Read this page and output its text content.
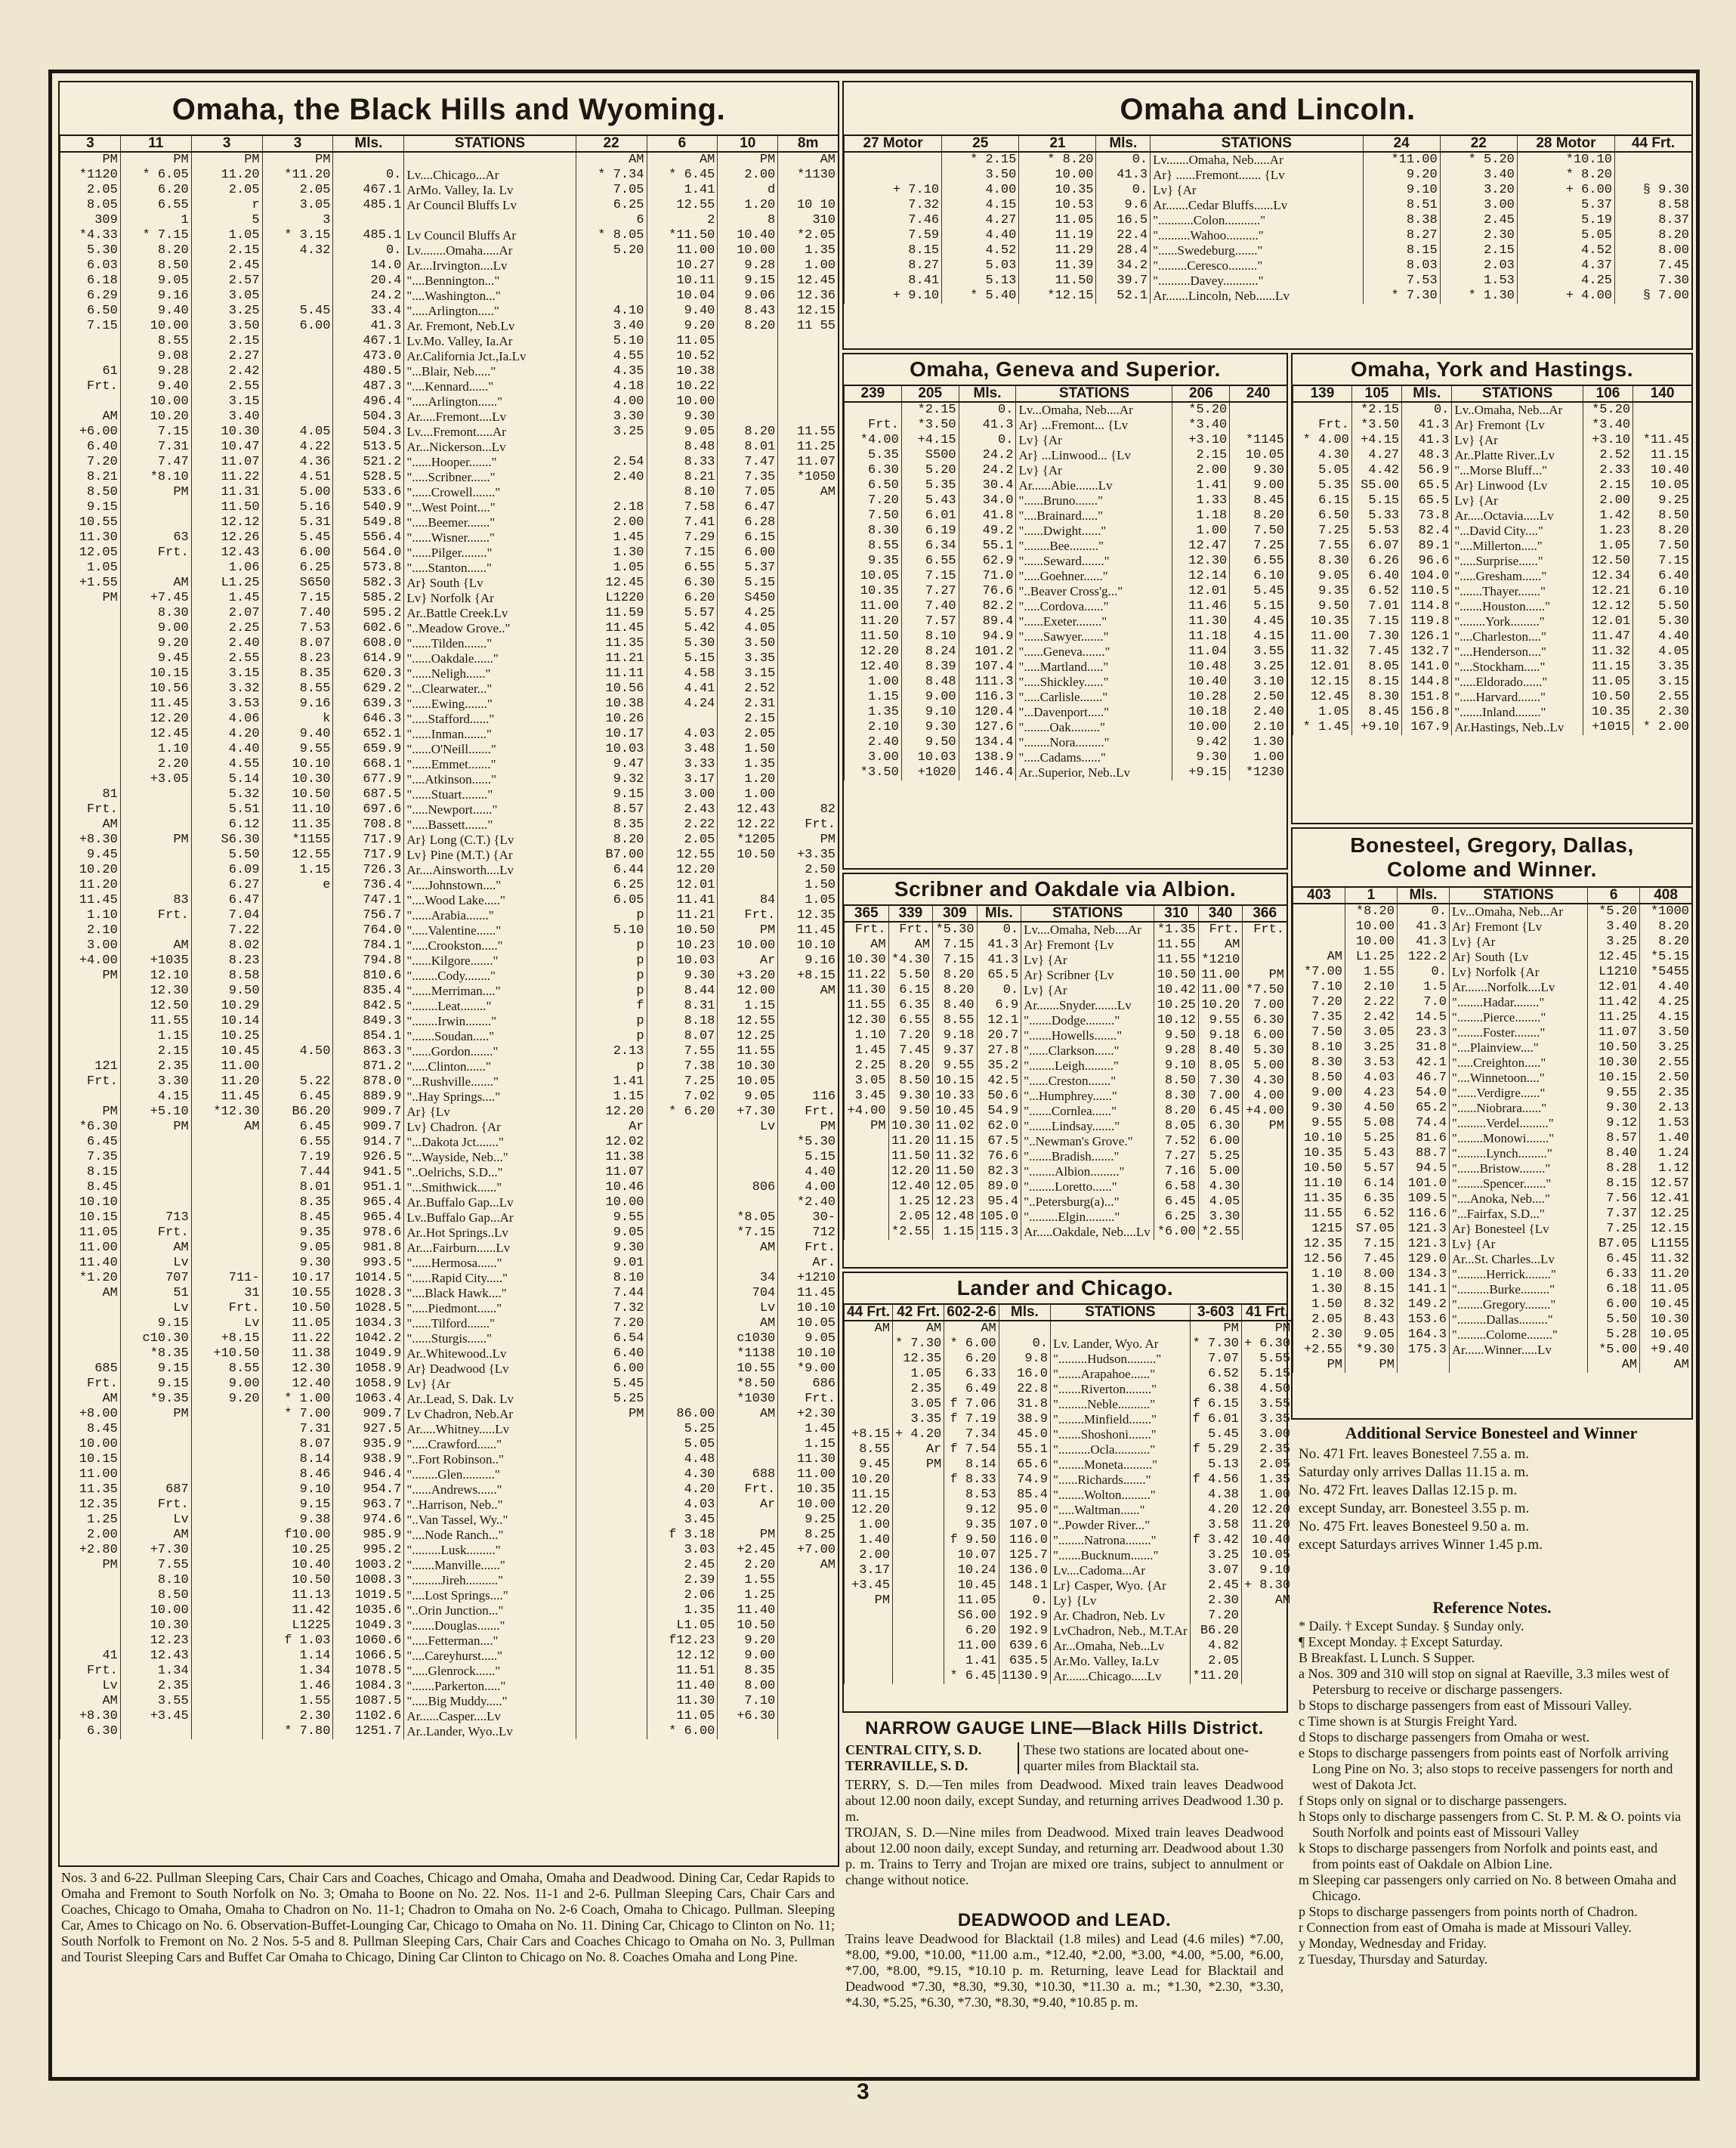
Omaha, the Black Hills and Wyoming.
3	11	3	3	Mls.	STATIONS	22	6	10	8m
PM	PM	PM	PM			AM	AM	PM	AM
*1120	* 6.05	11.20	*11.20	0.	Lv....Chicago...Ar	* 7.34	* 6.45	2.00	*1130
2.05	6.20	2.05	2.05	467.1	ArMo. Valley, Ia. Lv	7.05	1.41	d	
8.05	6.55	r	3.05	485.1	Ar Council Bluffs Lv	6.25	12.55	1.20	10 10
309	1	5	3			6	2	8	310
*4.33	* 7.15	1.05	* 3.15	485.1	Lv Council Bluffs Ar	* 8.05	*11.50	10.40	*2.05
5.30	8.20	2.15	4.32	0.	Lv........Omaha.....Ar	5.20	11.00	10.00	1.35
6.03	8.50	2.45		14.0	Ar....Irvington....Lv		10.27	9.28	1.00
6.18	9.05	2.57		20.4	"....Bennington..."		10.11	9.15	12.45
6.29	9.16	3.05		24.2	"....Washington..."		10.04	9.06	12.36
6.50	9.40	3.25	5.45	33.4	".....Arlington....."	4.10	9.40	8.43	12.15
7.15	10.00	3.50	6.00	41.3	Ar. Fremont, Neb.Lv	3.40	9.20	8.20	11 55
	8.55	2.15		467.1	Lv.Mo. Valley, Ia.Ar	5.10	11.05		
	9.08	2.27		473.0	Ar.California Jct.,Ia.Lv	4.55	10.52		
61	9.28	2.42		480.5	"...Blair, Neb....."	4.35	10.38		
Frt.	9.40	2.55		487.3	"....Kennard......"	4.18	10.22		
	10.00	3.15		496.4	".....Arlington......"	4.00	10.00		
AM	10.20	3.40		504.3	Ar.....Fremont....Lv	3.30	9.30		
+6.00	7.15	10.30	4.05	504.3	Lv....Fremont.....Ar	3.25	9.05	8.20	11.55
6.40	7.31	10.47	4.22	513.5	Ar...Nickerson...Lv		8.48	8.01	11.25
7.20	7.47	11.07	4.36	521.2	"......Hooper......."	2.54	8.33	7.47	11.07
8.21	*8.10	11.22	4.51	528.5	".....Scribner......"	2.40	8.21	7.35	*1050
8.50	PM	11.31	5.00	533.6	"......Crowell......."		8.10	7.05	AM
9.15		11.50	5.16	540.9	"...West Point...."	2.18	7.58	6.47	
10.55		12.12	5.31	549.8	".....Beemer......."	2.00	7.41	6.28	
11.30	63	12.26	5.45	556.4	"......Wisner......."	1.45	7.29	6.15	
12.05	Frt.	12.43	6.00	564.0	"......Pilger........"	1.30	7.15	6.00	
1.05		1.06	6.25	573.8	".....Stanton......"	1.05	6.55	5.37	
+1.55	AM	L1.25	S650	582.3	Ar} South {Lv	12.45	6.30	5.15	
PM	+7.45	1.45	7.15	585.2	Lv} Norfolk {Ar	L1220	6.20	S450	
	8.30	2.07	7.40	595.2	Ar..Battle Creek.Lv	11.59	5.57	4.25	
	9.00	2.25	7.53	602.6	"..Meadow Grove.."	11.45	5.42	4.05	
	9.20	2.40	8.07	608.0	"......Tilden......."	11.35	5.30	3.50	
	9.45	2.55	8.23	614.9	"......Oakdale......"	11.21	5.15	3.35	
	10.15	3.15	8.35	620.3	"......Neligh......"	11.11	4.58	3.15	
	10.56	3.32	8.55	629.2	"...Clearwater..."	10.56	4.41	2.52	
	11.45	3.53	9.16	639.3	"......Ewing......."	10.38	4.24	2.31	
	12.20	4.06	k	646.3	".....Stafford......"	10.26		2.15	
	12.45	4.20	9.40	652.1	"......Inman......."	10.17	4.03	2.05	
	1.10	4.40	9.55	659.9	"......O'Neill......."	10.03	3.48	1.50	
	2.20	4.55	10.10	668.1	"......Emmet......."	9.47	3.33	1.35	
	+3.05	5.14	10.30	677.9	"....Atkinson......"	9.32	3.17	1.20	
81		5.32	10.50	687.5	"......Stuart........"	9.15	3.00	1.00	
Frt.		5.51	11.10	697.6	".....Newport......"	8.57	2.43	12.43	82
AM		6.12	11.35	708.8	".....Bassett......."	8.35	2.22	12.22	Frt.
+8.30	PM	S6.30	*1155	717.9	Ar} Long (C.T.) {Lv	8.20	2.05	*1205	PM
9.45		5.50	12.55	717.9	Lv} Pine (M.T.) {Ar	B7.00	12.55	10.50	+3.35
10.20		6.09	1.15	726.3	Ar....Ainsworth....Lv	6.44	12.20		2.50
11.20		6.27	e	736.4	".....Johnstown...."	6.25	12.01		1.50
11.45	83	6.47		747.1	"....Wood Lake....."	6.05	11.41	84	1.05
1.10	Frt.	7.04		756.7	"......Arabia......."	p	11.21	Frt.	12.35
2.10		7.22		764.0	".....Valentine......"	5.10	10.50	PM	11.45
3.00	AM	8.02		784.1	".....Crookston....."	p	10.23	10.00	10.10
+4.00	+1035	8.23		794.8	"......Kilgore......."	p	10.03	Ar	9.16
PM	12.10	8.58		810.6	"........Cody........"	p	9.30	+3.20	+8.15
	12.30	9.50		835.4	"......Merriman...."	p	8.44	12.00	AM
	12.50	10.29		842.5	"........Leat........"	f	8.31	1.15	
	11.55	10.14		849.3	"........Irwin........"	p	8.18	12.55	
	1.15	10.25		854.1	".......Soudan....."	p	8.07	12.25	
	2.15	10.45	4.50	863.3	"......Gordon......."	2.13	7.55	11.55	
121	2.35	11.00		871.2	".....Clinton......"	p	7.38	10.30	
Frt.	3.30	11.20	5.22	878.0	"...Rushville......."	1.41	7.25	10.05	
	4.15	11.45	6.45	889.9	"..Hay Springs...."	1.15	7.02	9.05	116
PM	+5.10	*12.30	B6.20	909.7	Ar} {Lv	12.20	* 6.20	+7.30	Frt.
*6.30	PM	AM	6.45	909.7	Lv} Chadron. {Ar	Ar		Lv	PM
6.45			6.55	914.7	"...Dakota Jct......."	12.02			*5.30
7.35			7.19	926.5	"...Wayside, Neb..."	11.38			5.15
8.15			7.44	941.5	"..Oelrichs, S.D..."	11.07			4.40
8.45			8.01	951.1	"...Smithwick......"	10.46		806	4.00
10.10			8.35	965.4	Ar..Buffalo Gap...Lv	10.00			*2.40
10.15	713		8.45	965.4	Lv..Buffalo Gap...Ar	9.55		*8.05	30-
11.05	Frt.		9.35	978.6	Ar..Hot Springs..Lv	9.05		*7.15	712
11.00	AM		9.05	981.8	Ar....Fairburn......Lv	9.30		AM	Frt.
11.40	Lv		9.30	993.5	"......Hermosa......"	9.01			Ar.
*1.20	707	711-	10.17	1014.5	"......Rapid City....."	8.10		34	+1210
AM	51	31	10.55	1028.3	"....Black Hawk...."	7.44		704	11.45
	Lv	Frt.	10.50	1028.5	".....Piedmont......"	7.32		Lv	10.10
	9.15	Lv	11.05	1034.3	"......Tilford......."	7.20		AM	10.05
	c10.30	+8.15	11.22	1042.2	"......Sturgis......"	6.54		c1030	9.05
	*8.35	+10.50	11.38	1049.9	Ar..Whitewood..Lv	6.40		*1138	10.10
685	9.15	8.55	12.30	1058.9	Ar} Deadwood {Lv	6.00		10.55	*9.00
Frt.	9.15	9.00	12.40	1058.9	Lv} {Ar	5.45		*8.50	686
AM	*9.35	9.20	* 1.00	1063.4	Ar..Lead, S. Dak. Lv	5.25		*1030	Frt.
+8.00	PM		* 7.00	909.7	Lv Chadron, Neb.Ar	PM	86.00	AM	+2.30
8.45			7.31	927.5	Ar.....Whitney.....Lv		5.25		1.45
10.00			8.07	935.9	".....Crawford......"		5.05		1.15
10.15			8.14	938.9	"..Fort Robinson.."		4.48		11.30
11.00			8.46	946.4	"........Glen.........."		4.30	688	11.00
11.35	687		9.10	954.7	"......Andrews......"		4.20	Frt.	10.35
12.35	Frt.		9.15	963.7	"..Harrison, Neb.."		4.03	Ar	10.00
1.25	Lv		9.38	974.6	"..Van Tassel, Wy.."		3.45		9.25
2.00	AM		f10.00	985.9	"....Node Ranch..."		f 3.18	PM	8.25
+2.80	+7.30		10.25	995.2	".........Lusk........."		3.03	+2.45	+7.00
PM	7.55		10.40	1003.2	".......Manville......"		2.45	2.20	AM
	8.10		10.50	1008.3	".........Jireh.........."		2.39	1.55	
	8.50		11.13	1019.5	"....Lost Springs...."		2.06	1.25	
	10.00		11.42	1035.6	"..Orin Junction..."		1.35	11.40	
	10.30		L1225	1049.3	".......Douglas......."		L1.05	10.50	
	12.23		f 1.03	1060.6	".....Fetterman...."		f12.23	9.20	
41	12.43		1.14	1066.5	"....Careyhurst....."		12.12	9.00	
Frt.	1.34		1.34	1078.5	".....Glenrock......"		11.51	8.35	
Lv	2.35		1.46	1084.3	".......Parkerton....."		11.40	8.00	
AM	3.55		1.55	1087.5	".....Big Muddy....."		11.30	7.10	
+8.30	+3.45		2.30	1102.6	Ar......Casper....Lv		11.05	+6.30	
6.30			* 7.80	1251.7	Ar..Lander, Wyo..Lv		* 6.00		
Nos. 3 and 6-22. Pullman Sleeping Cars, Chair Cars and Coaches, Chicago and Omaha, Omaha and Deadwood. Dining Car, Cedar Rapids to Omaha and Fremont to South Norfolk on No. 3; Omaha to Boone on No. 22. Nos. 11-1 and 2-6. Pullman Sleeping Cars, Chair Cars and Coaches, Chicago to Omaha, Omaha to Chadron on No. 11-1; Chadron to Omaha on No. 2-6 Coach, Omaha to Chicago. Pullman. Sleeping Car, Ames to Chicago on No. 6. Observation-Buffet-Lounging Car, Chicago to Omaha on No. 11. Dining Car, Chicago to Clinton on No. 11; South Norfolk to Fremont on No. 2 Nos. 5-5 and 8. Pullman Sleeping Cars, Chair Cars and Coaches Chicago to Omaha on No. 3, Pullman and Tourist Sleeping Cars and Buffet Car Omaha to Chicago, Dining Car Clinton to Chicago on No. 8. Coaches Omaha and Long Pine.
Omaha and Lincoln.
27 Motor	25	21	Mls.	STATIONS	24	22	28 Motor	44 Frt.
	* 2.15	* 8.20	0.	Lv.......Omaha, Neb.....Ar	*11.00	* 5.20	*10.10	
	3.50	10.00	41.3	Ar} ......Fremont....... {Lv	9.20	3.40	* 8.20	
+ 7.10	4.00	10.35	0.	Lv} {Ar	9.10	3.20	+ 6.00	§ 9.30
7.32	4.15	10.53	9.6	Ar.......Cedar Bluffs......Lv	8.51	3.00	5.37	8.58
7.46	4.27	11.05	16.5	"...........Colon..........."	8.38	2.45	5.19	8.37
7.59	4.40	11.19	22.4	"..........Wahoo.........."	8.27	2.30	5.05	8.20
8.15	4.52	11.29	28.4	"......Swedeburg......."	8.15	2.15	4.52	8.00
8.27	5.03	11.39	34.2	".........Ceresco........."	8.03	2.03	4.37	7.45
8.41	5.13	11.50	39.7	"..........Davey..........."	7.53	1.53	4.25	7.30
+ 9.10	* 5.40	*12.15	52.1	Ar.......Lincoln, Neb......Lv	* 7.30	* 1.30	+ 4.00	§ 7.00
Omaha, Geneva and Superior.
239	205	Mls.	STATIONS	206	240
	*2.15	0.	Lv...Omaha, Neb....Ar	*5.20	
Frt.	*3.50	41.3	Ar} ...Fremont... {Lv	*3.40	
*4.00	+4.15	0.	Lv} {Ar	+3.10	*1145
5.35	S500	24.2	Ar} ...Linwood... {Lv	2.15	10.05
6.30	5.20	24.2	Lv} {Ar	2.00	9.30
6.50	5.35	30.4	Ar......Abie.......Lv	1.41	9.00
7.20	5.43	34.0	"......Bruno......."	1.33	8.45
7.50	6.01	41.8	"....Brainard....."	1.18	8.20
8.30	6.19	49.2	"......Dwight......"	1.00	7.50
8.55	6.34	55.1	"........Bee........."	12.47	7.25
9.35	6.55	62.9	"......Seward......."	12.30	6.55
10.05	7.15	71.0	".....Goehner......"	12.14	6.10
10.35	7.27	76.6	"..Beaver Cross'g..."	12.01	5.45
11.00	7.40	82.2	".....Cordova......"	11.46	5.15
11.20	7.57	89.4	"......Exeter........"	11.30	4.45
11.50	8.10	94.9	"......Sawyer......."	11.18	4.15
12.20	8.24	101.2	"......Geneva......."	11.04	3.55
12.40	8.39	107.4	".....Martland....."	10.48	3.25
1.00	8.48	111.3	".....Shickley......"	10.40	3.10
1.15	9.00	116.3	".....Carlisle......."	10.28	2.50
1.35	9.10	120.4	"...Davenport....."	10.18	2.40
2.10	9.30	127.6	"........Oak........."	10.00	2.10
2.40	9.50	134.4	"........Nora........."	9.42	1.30
3.00	10.03	138.9	".....Cadams......"	9.30	1.00
*3.50	+1020	146.4	Ar..Superior, Neb..Lv	+9.15	*1230
Omaha, York and Hastings.
139	105	Mls.	STATIONS	106	140
	*2.15	0.	Lv..Omaha, Neb...Ar	*5.20	
Frt.	*3.50	41.3	Ar} Fremont {Lv	*3.40	
* 4.00	+4.15	41.3	Lv} {Ar	+3.10	*11.45
4.30	4.27	48.3	Ar..Platte River..Lv	2.52	11.15
5.05	4.42	56.9	"...Morse Bluff..."	2.33	10.40
5.35	S5.00	65.5	Ar} Linwood {Lv	2.15	10.05
6.15	5.15	65.5	Lv} {Ar	2.00	9.25
6.50	5.33	73.8	Ar.....Octavia.....Lv	1.42	8.50
7.25	5.53	82.4	"...David City...."	1.23	8.20
7.55	6.07	89.1	"....Millerton....."	1.05	7.50
8.30	6.26	96.6	".....Surprise......"	12.50	7.15
9.05	6.40	104.0	".....Gresham......"	12.34	6.40
9.35	6.52	110.5	".......Thayer......."	12.21	6.10
9.50	7.01	114.8	".......Houston......"	12.12	5.50
10.35	7.15	119.8	"........York........."	12.01	5.30
11.00	7.30	126.1	"....Charleston...."	11.47	4.40
11.32	7.45	132.7	"....Henderson...."	11.32	4.05
12.01	8.05	141.0	"....Stockham....."	11.15	3.35
12.15	8.15	144.8	".....Eldorado......"	11.05	3.15
12.45	8.30	151.8	".....Harvard......."	10.50	2.55
1.05	8.45	156.8	".......Inland........"	10.35	2.30
* 1.45	+9.10	167.9	Ar.Hastings, Neb..Lv	+1015	* 2.00
Scribner and Oakdale via Albion.
365	339	309	Mls.	STATIONS	310	340	366
Frt.	Frt.	*5.30	0.	Lv....Omaha, Neb....Ar	*1.35	Frt.	Frt.
AM	AM	7.15	41.3	Ar} Fremont {Lv	11.55	AM	
10.30	*4.30	7.15	41.3	Lv} {Ar	11.55	*1210	
11.22	5.50	8.20	65.5	Ar} Scribner {Lv	10.50	11.00	PM
11.30	6.15	8.20	0.	Lv} {Ar	10.42	11.00	*7.50
11.55	6.35	8.40	6.9	Ar.......Snyder.......Lv	10.25	10.20	7.00
12.30	6.55	8.55	12.1	".......Dodge........."	10.12	9.55	6.30
1.10	7.20	9.18	20.7	".......Howells......."	9.50	9.18	6.00
1.45	7.45	9.37	27.8	"......Clarkson......"	9.28	8.40	5.30
2.25	8.20	9.55	35.2	"........Leigh........."	9.10	8.05	5.00
3.05	8.50	10.15	42.5	"......Creston......."	8.50	7.30	4.30
3.45	9.30	10.33	50.6	"...Humphrey......"	8.30	7.00	4.00
+4.00	9.50	10.45	54.9	".......Cornlea......"	8.20	6.45	+4.00
PM	10.30	11.02	62.0	".......Lindsay......."	8.05	6.30	PM
	11.20	11.15	67.5	"..Newman's Grove."	7.52	6.00	
	11.50	11.32	76.6	".......Bradish......."	7.27	5.25	
	12.20	11.50	82.3	"........Albion........."	7.16	5.00	
	12.40	12.05	89.0	"........Loretto......"	6.58	4.30	
	1.25	12.23	95.4	"..Petersburg(a)..."	6.45	4.05	
	2.05	12.48	105.0	".........Elgin........."	6.25	3.30	
	*2.55	1.15	115.3	Ar.....Oakdale, Neb....Lv	*6.00	*2.55	
Bonesteel, Gregory, Dallas, Colome and Winner.
403	1	Mls.	STATIONS	6	408
	*8.20	0.	Lv...Omaha, Neb...Ar	*5.20	*1000
	10.00	41.3	Ar} Fremont {Lv	3.40	8.20
	10.00	41.3	Lv} {Ar	3.25	8.20
AM	L1.25	122.2	Ar} South {Lv	12.45	*5.15
*7.00	1.55	0.	Lv} Norfolk {Ar	L1210	*5455
7.10	2.10	1.5	Ar.......Norfolk....Lv	12.01	4.40
7.20	2.22	7.0	"........Hadar........"	11.42	4.25
7.35	2.42	14.5	"........Pierce........"	11.25	4.15
7.50	3.05	23.3	"........Foster........"	11.07	3.50
8.10	3.25	31.8	"....Plainview...."	10.50	3.25
8.30	3.53	42.1	".....Creighton....."	10.30	2.55
8.50	4.03	46.7	"....Winnetoon...."	10.15	2.50
9.00	4.23	54.0	"......Verdigre......"	9.55	2.35
9.30	4.50	65.2	"......Niobrara......"	9.30	2.13
9.55	5.08	74.4	".........Verdel........."	9.12	1.53
10.10	5.25	81.6	"........Monowi......."	8.57	1.40
10.35	5.43	88.7	".........Lynch........."	8.40	1.24
10.50	5.57	94.5	".......Bristow........"	8.28	1.12
11.10	6.14	101.0	"........Spencer......."	8.15	12.57
11.35	6.35	109.5	"....Anoka, Neb...."	7.56	12.41
11.55	6.52	116.6	"...Fairfax, S.D..."	7.37	12.25
1215	S7.05	121.3	Ar} Bonesteel {Lv	7.25	12.15
12.35	7.15	121.3	Lv} {Ar	B7.05	L1155
12.56	7.45	129.0	Ar...St. Charles...Lv	6.45	11.32
1.10	8.00	134.3	".........Herrick........"	6.33	11.20
1.30	8.15	141.1	"..........Burke........."	6.18	11.05
1.50	8.32	149.2	"........Gregory........"	6.00	10.45
2.05	8.43	153.6	".........Dallas........."	5.50	10.30
2.30	9.05	164.3	".........Colome........"	5.28	10.05
+2.55	*9.30	175.3	Ar......Winner.....Lv	*5.00	+9.40
PM	PM			AM	AM
Lander and Chicago.
44 Frt.	42 Frt.	602-2-6	Mls.	STATIONS	3-603	41 Frt.
AM	AM	AM			PM	PM
	* 7.30	* 6.00	0.	Lv. Lander, Wyo. Ar	* 7.30	+ 6.30
	12.35	6.20	9.8	".........Hudson........."	7.07	5.55
	1.05	6.33	16.0	".......Arapahoe......"	6.52	5.15
	2.35	6.49	22.8	".......Riverton........"	6.38	4.50
	3.05	f 7.06	31.8	".........Neble.........."	f 6.15	3.55
	3.35	f 7.19	38.9	"........Minfield......."	f 6.01	3.35
+8.15	+ 4.20	7.34	45.0	".......Shoshoni......."	5.45	3.00
8.55	Ar	f 7.54	55.1	"..........Ocla..........."	f 5.29	2.35
9.45	PM	8.14	65.6	"........Moneta........."	5.13	2.05
10.20		f 8.33	74.9	"......Richards......."	f 4.56	1.35
11.15		8.53	85.4	"........Wolton........."	4.38	1.00
12.20		9.12	95.0	".....Waltman......"	4.20	12.20
1.00		9.35	107.0	"..Powder River..."	3.58	11.20
1.40		f 9.50	116.0	"........Natrona........"	f 3.42	10.40
2.00		10.07	125.7	".......Bucknum......."	3.25	10.05
3.17		10.24	136.0	Lv....Cadoma...Ar	3.07	9.10
+3.45		10.45	148.1	Lr} Casper, Wyo. {Ar	2.45	+ 8.30
PM		11.05	0.	Ly} {Lv	2.30	AM
		S6.00	192.9	Ar. Chadron, Neb. Lv	7.20	
		6.20	192.9	LvChadron, Neb., M.T.Ar	B6.20	
		11.00	639.6	Ar...Omaha, Neb...Lv	4.82	
		1.41	635.5	Ar.Mo. Valley, Ia.Lv	2.05	
		* 6.45	1130.9	Ar.......Chicago.....Lv	*11.20	
Additional Service Bonesteel and Winner
No. 471 Frt. leaves Bonesteel 7.55 a. m.
Saturday only arrives Dallas 11.15 a. m.
No. 472 Frt. leaves Dallas 12.15 p. m.
except Sunday, arr. Bonesteel 3.55 p. m.
No. 475 Frt. leaves Bonesteel 9.50 a. m.
except Saturdays arrives Winner 1.45 p.m.
Reference Notes.
* Daily. † Except Sunday. § Sunday only.
¶ Except Monday. ‡ Except Saturday.
B Breakfast. L Lunch. S Supper.
a Nos. 309 and 310 will stop on signal at Raeville, 3.3 miles west of Petersburg to receive or discharge passengers.
b Stops to discharge passengers from east of Missouri Valley.
c Time shown is at Sturgis Freight Yard.
d Stops to discharge passengers from Omaha or west.
e Stops to discharge passengers from points east of Norfolk arriving Long Pine on No. 3; also stops to receive passengers for north and west of Dakota Jct.
f Stops only on signal or to discharge passengers.
h Stops only to discharge passengers from C. St. P. M. & O. points via South Norfolk and points east of Missouri Valley
k Stops to discharge passengers from Norfolk and points east, and from points east of Oakdale on Albion Line.
m Sleeping car passengers only carried on No. 8 between Omaha and Chicago.
p Stops to discharge passengers from points north of Chadron.
r Connection from east of Omaha is made at Missouri Valley.
y Monday, Wednesday and Friday.
z Tuesday, Thursday and Saturday.
NARROW GAUGE LINE—Black Hills District.
CENTRAL CITY, S. D.
TERRAVILLE, S. D.
These two stations are located about one-quarter miles from Blacktail sta.
TERRY, S. D.—Ten miles from Deadwood. Mixed train leaves Deadwood about 12.00 noon daily, except Sunday, and returning arrives Deadwood 1.30 p. m.
TROJAN, S. D.—Nine miles from Deadwood. Mixed train leaves Deadwood about 12.00 noon daily, except Sunday, and returning arr. Deadwood about 1.30 p. m. Trains to Terry and Trojan are mixed ore trains, subject to annulment or change without notice.
DEADWOOD and LEAD.
Trains leave Deadwood for Blacktail (1.8 miles) and Lead (4.6 miles) *7.00, *8.00, *9.00, *10.00, *11.00 a.m., *12.40, *2.00, *3.00, *4.00, *5.00, *6.00, *7.00, *8.00, *9.15, *10.10 p. m. Returning, leave Lead for Blacktail and Deadwood *7.30, *8.30, *9.30, *10.30, *11.30 a. m.; *1.30, *2.30, *3.30, *4.30, *5.25, *6.30, *7.30, *8.30, *9.40, *10.85 p. m.
3
